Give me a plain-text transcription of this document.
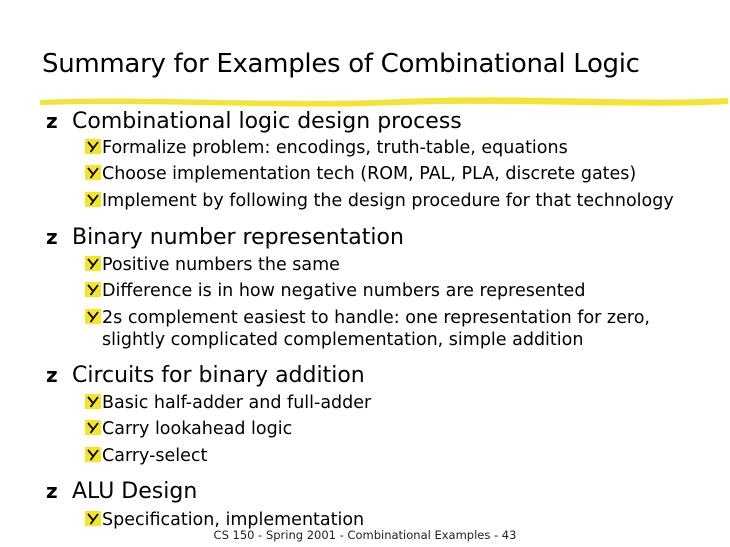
Summary for Examples of Combinational Logic
z Combinational logic design process
Formalize problem: encodings, truth-table, equations
Choose implementation tech (ROM, PAL, PLA, discrete gates)
Implement by following the design procedure for that technology
z Binary number representation
Positive numbers the same
Difference is in how negative numbers are represented
2s complement easiest to handle: one representation for zero,
slightly complicated complementation, simple addition
z Circuits for binary addition
Basic half-adder and full-adder
Carry lookahead logic
Carry-select
z ALU Design
Specification, implementation
CS 150 - Spring 2001 - Combinational Examples - 43
